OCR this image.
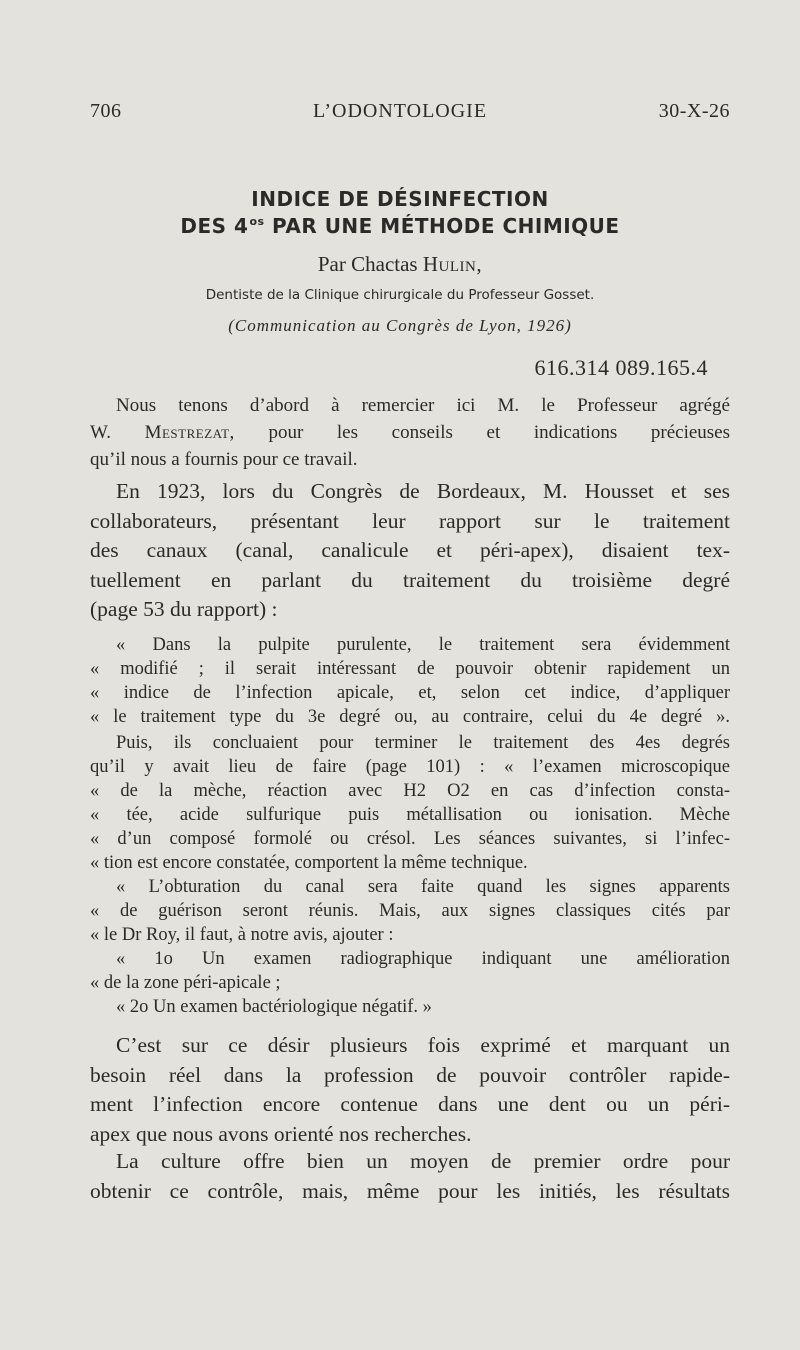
706	L’ODONTOLOGIE	30-X-26
INDICE DE DÉSINFECTION
DES $4^{os}$ PAR UNE MÉTHODE CHIMIQUE
Par Chactas Hulin,
Dentiste de la Clinique chirurgicale du Professeur Gosset.
(Communication au Congrès de Lyon, 1926)
616.314 089.165.4
Nous tenons d’abord à remercier ici M. le Professeur agrégé
W. Mestrezat, pour les conseils et indications précieuses
qu’il nous a fournis pour ce travail.
En 1923, lors du Congrès de Bordeaux, M. Housset et ses
collaborateurs, présentant leur rapport sur le traitement
des canaux (canal, canalicule et péri-apex), disaient tex-
tuellement en parlant du traitement du troisième degré
(page 53 du rapport) :
« Dans la pulpite purulente, le traitement sera évidemment
« modifié ; il serait intéressant de pouvoir obtenir rapidement un
« indice de l’infection apicale, et, selon cet indice, d’appliquer
« le traitement type du 3e degré ou, au contraire, celui du 4e degré ».
Puis, ils concluaient pour terminer le traitement des 4es degrés
qu’il y avait lieu de faire (page 101) : « l’examen microscopique
« de la mèche, réaction avec H2 O2 en cas d’infection consta-
« tée, acide sulfurique puis métallisation ou ionisation. Mèche
« d’un composé formolé ou crésol. Les séances suivantes, si l’infec-
« tion est encore constatée, comportent la même technique.
« L’obturation du canal sera faite quand les signes apparents
« de guérison seront réunis. Mais, aux signes classiques cités par
« le Dr Roy, il faut, à notre avis, ajouter :
« 1o Un examen radiographique indiquant une amélioration
« de la zone péri-apicale ;
« 2o Un examen bactériologique négatif. »
C’est sur ce désir plusieurs fois exprimé et marquant un
besoin réel dans la profession de pouvoir contrôler rapide-
ment l’infection encore contenue dans une dent ou un péri-
apex que nous avons orienté nos recherches.
La culture offre bien un moyen de premier ordre pour
obtenir ce contrôle, mais, même pour les initiés, les résultats
